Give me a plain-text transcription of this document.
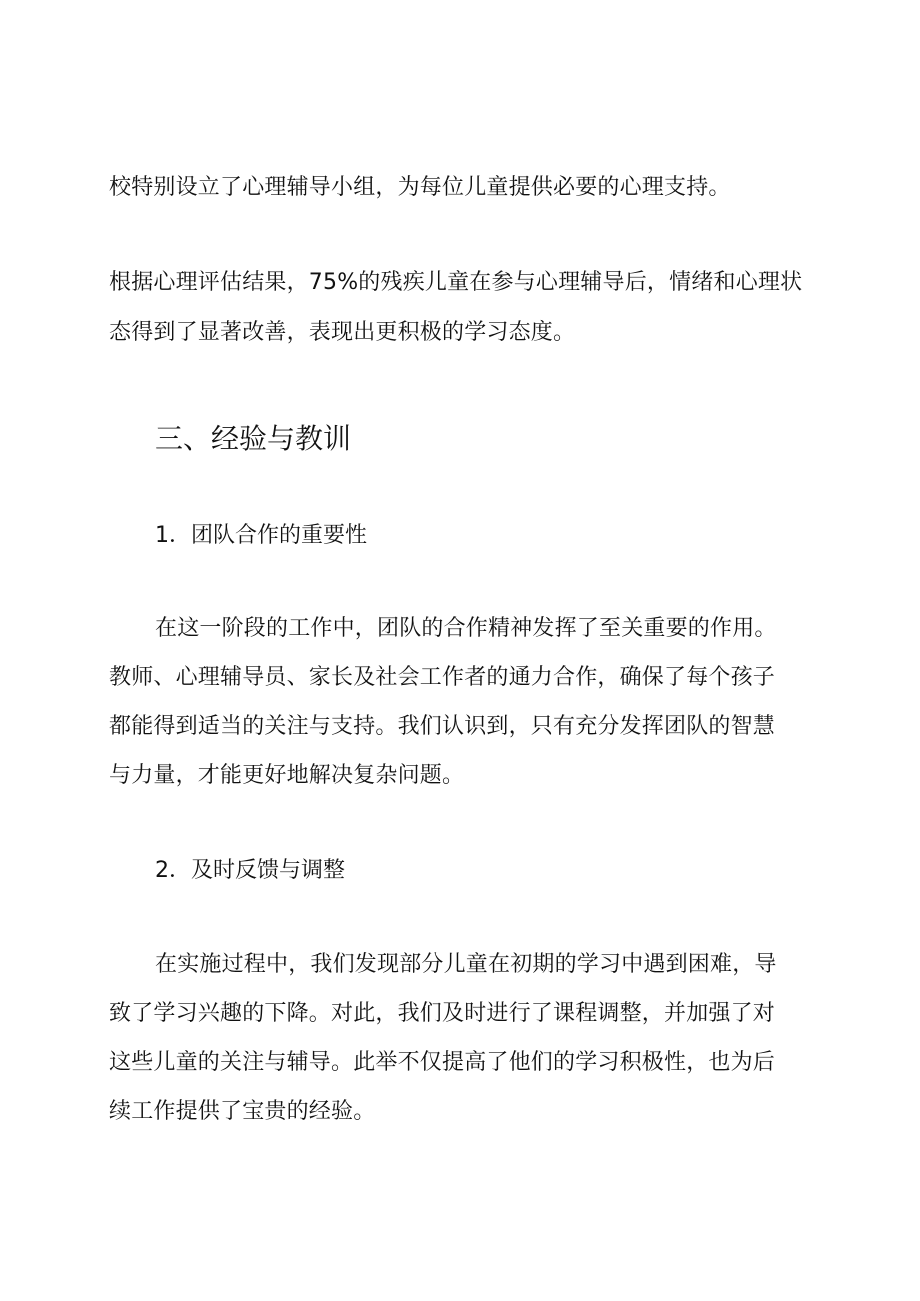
校特别设立了心理辅导小组，为每位儿童提供必要的心理支持。
根据心理评估结果，75%的残疾儿童在参与心理辅导后，情绪和心理状
态得到了显著改善，表现出更积极的学习态度。
三、经验与教训
1．团队合作的重要性
在这一阶段的工作中，团队的合作精神发挥了至关重要的作用。
教师、心理辅导员、家长及社会工作者的通力合作，确保了每个孩子
都能得到适当的关注与支持。我们认识到，只有充分发挥团队的智慧
与力量，才能更好地解决复杂问题。
2．及时反馈与调整
在实施过程中，我们发现部分儿童在初期的学习中遇到困难，导
致了学习兴趣的下降。对此，我们及时进行了课程调整，并加强了对
这些儿童的关注与辅导。此举不仅提高了他们的学习积极性，也为后
续工作提供了宝贵的经验。
